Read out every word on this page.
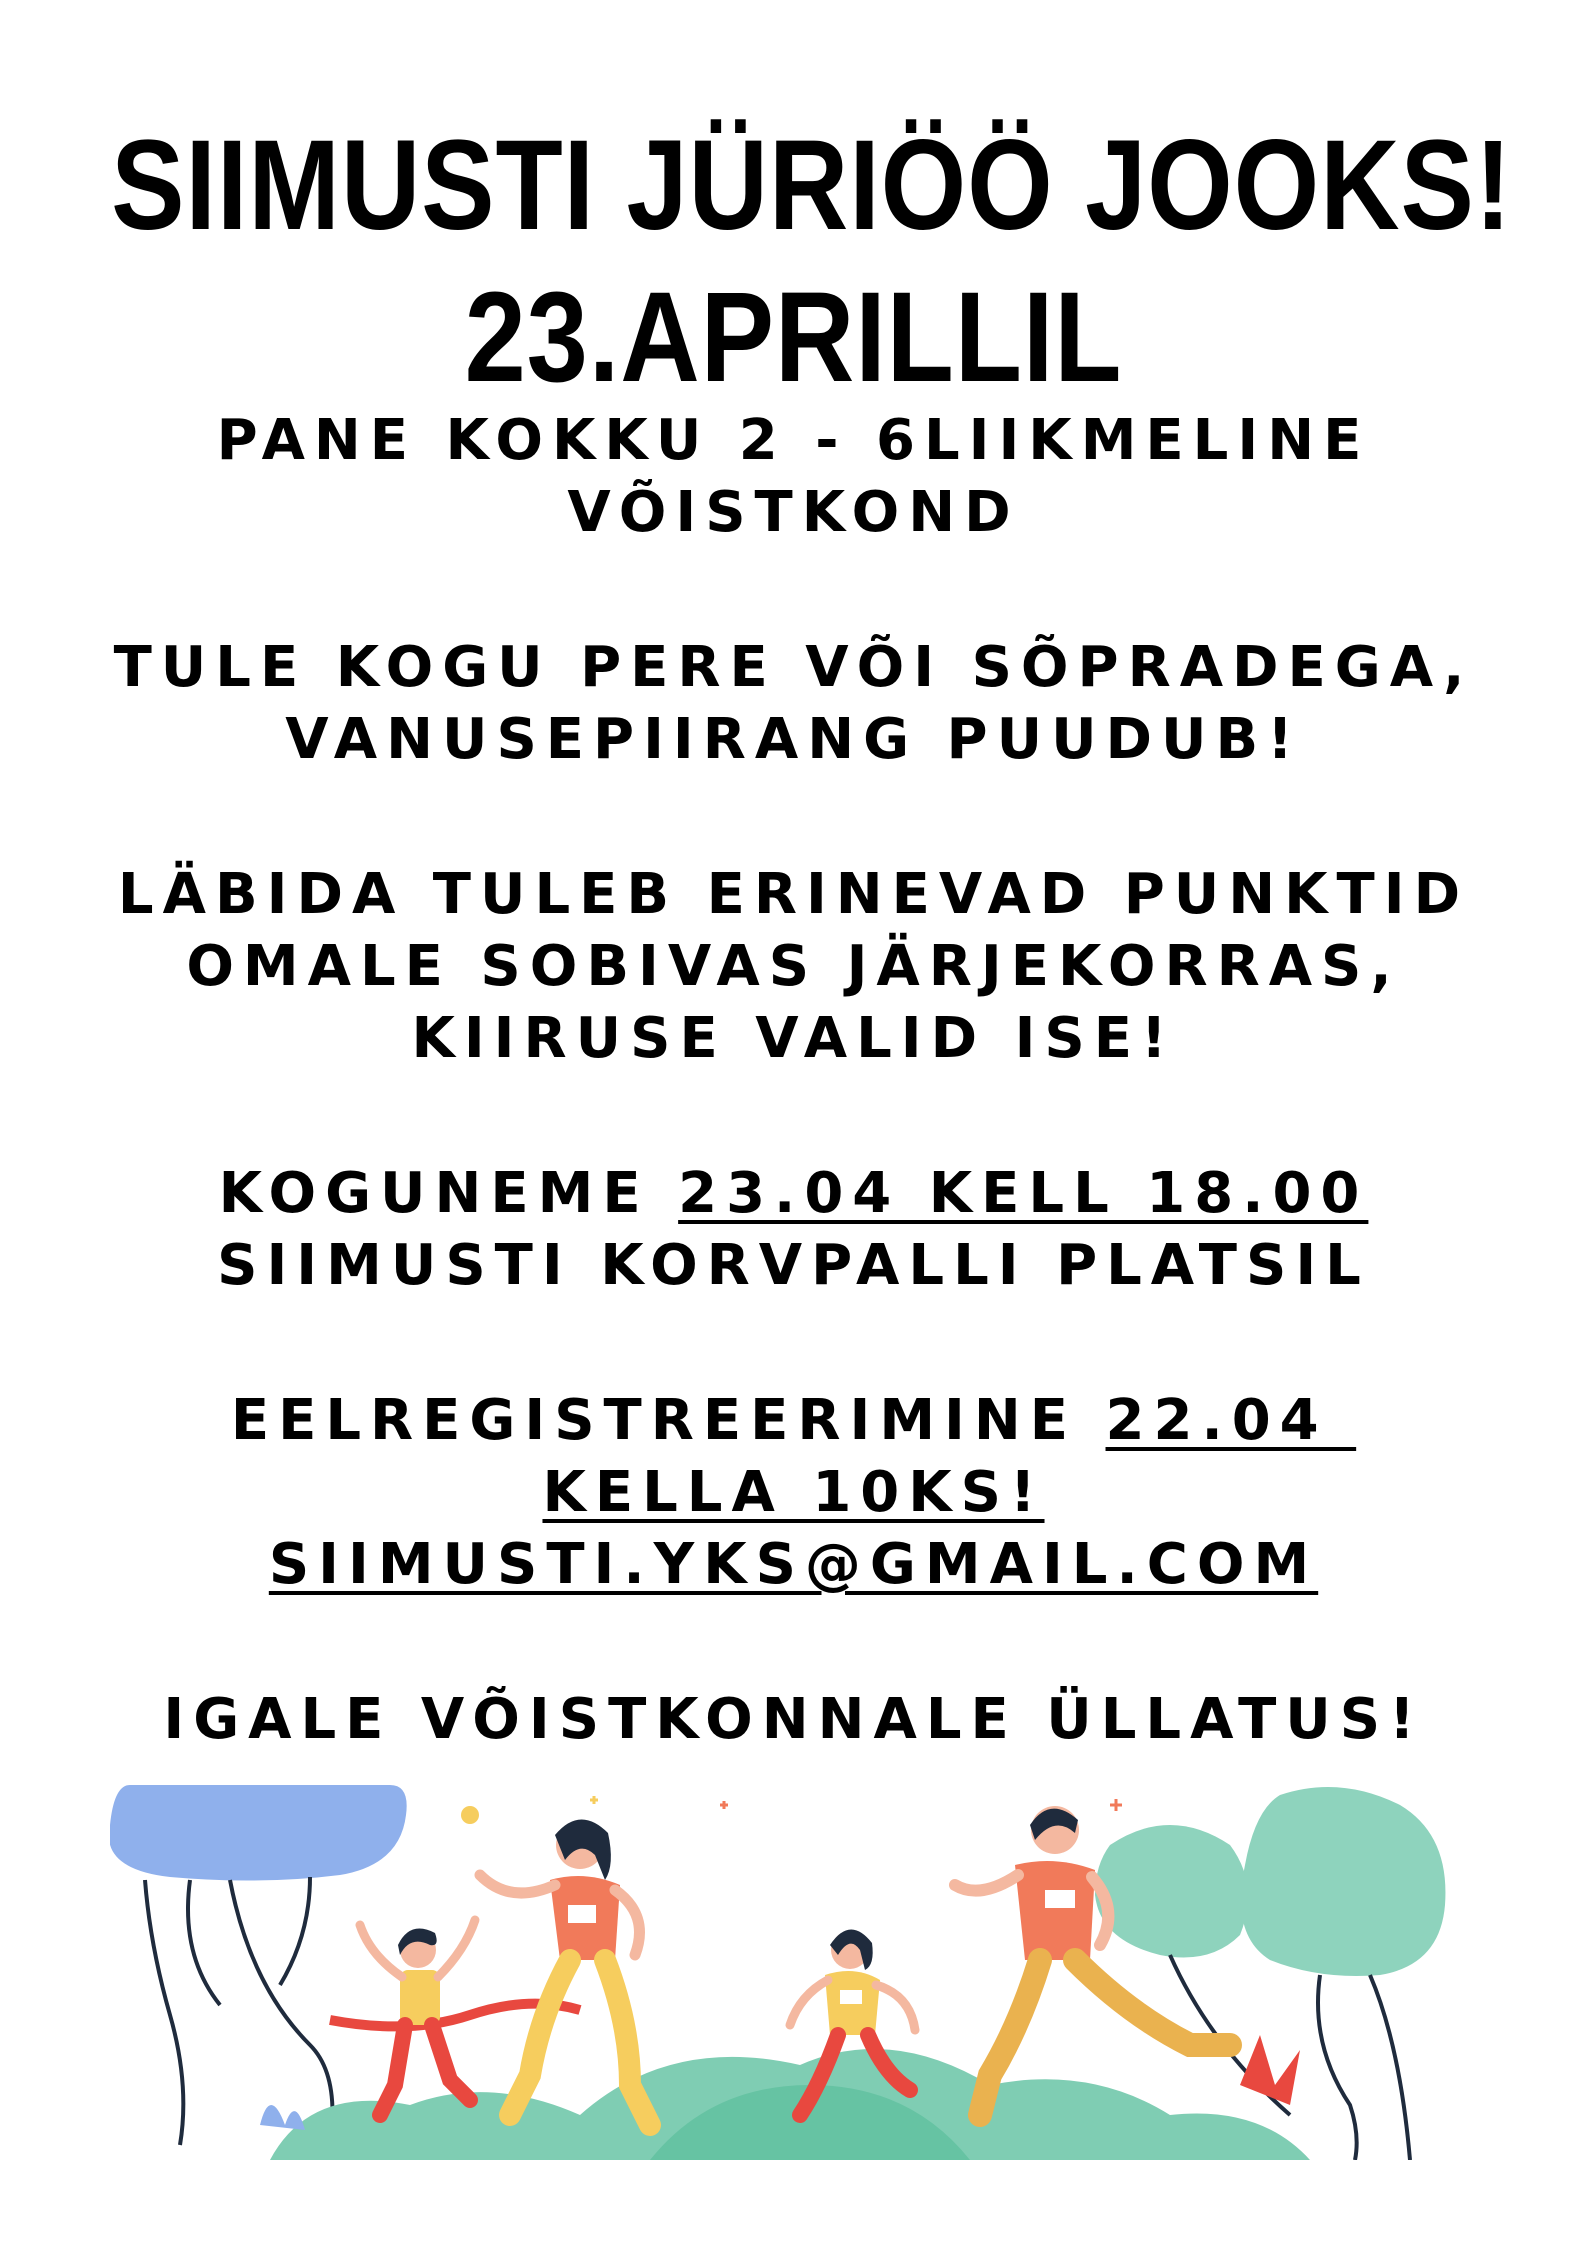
SIIMUSTI JÜRIÖÖ JOOKS!
23.APRILLIL
PANE KOKKU 2 - 6LIIKMELINE
VÕISTKOND
TULE KOGU PERE VÕI SÕPRADEGA,
VANUSEPIIRANG PUUDUB!
LÄBIDA TULEB ERINEVAD PUNKTID
OMALE SOBIVAS JÄRJEKORRAS,
KIIRUSE VALID ISE!
KOGUNEME 23.04 KELL 18.00
SIIMUSTI KORVPALLI PLATSIL
EELREGISTREERIMINE 22.04
KELLA 10KS!
SIIMUSTI.YKS@GMAIL.COM
IGALE VÕISTKONNALE ÜLLATUS!
